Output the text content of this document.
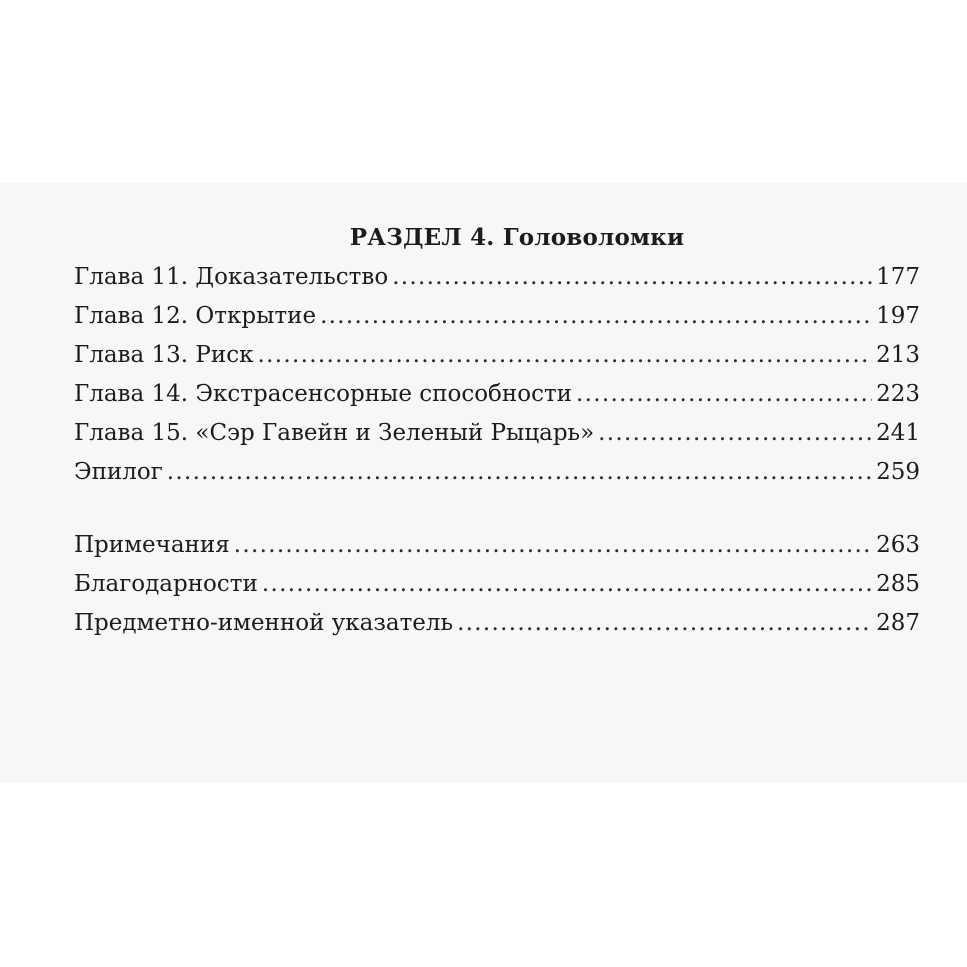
РАЗДЕЛ 4. Головоломки
Глава 11. Доказательство . . .	177
Глава 12. Открытие . . .	197
Глава 13. Риск . . .	213
Глава 14. Экстрасенсорные способности . . .	223
Глава 15. «Сэр Гавейн и Зеленый Рыцарь» . . .	241
Эпилог . . .	259
Примечания . . .	263
Благодарности . . .	285
Предметно-именной указатель . . .	287
